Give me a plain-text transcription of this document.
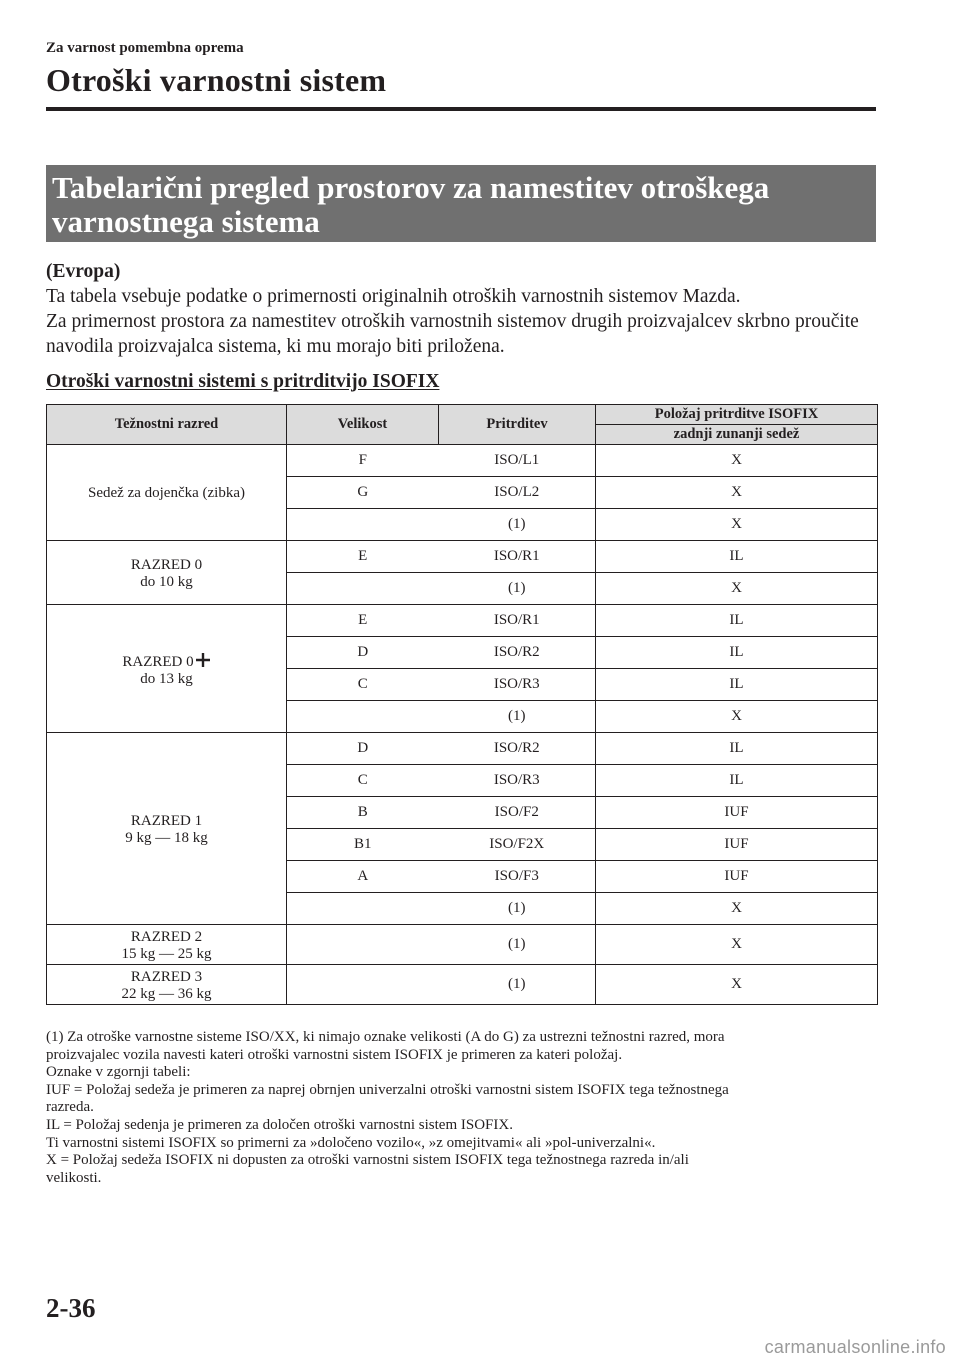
Za varnost pomembna oprema
Otroški varnostni sistem
Tabelarični pregled prostorov za namestitev otroškega
varnostnega sistema
(Evropa)
Ta tabela vsebuje podatke o primernosti originalnih otroških varnostnih sistemov Mazda.
Za primernost prostora za namestitev otroških varnostnih sistemov drugih proizvajalcev skrbno proučite navodila proizvajalca sistema, ki mu morajo biti priložena.
Otroški varnostni sistemi s pritrditvijo ISOFIX
Težnostni razred	Velikost	Pritrditev	Položaj pritrditve ISOFIX
			zadnji zunanji sedež

Sedež za dojenčka (zibka)	F	ISO/L1	X
	G	ISO/L2	X
		(1)	X

RAZRED 0
do 10 kg	E	ISO/R1	IL
		(1)	X

RAZRED 0
do 13 kg	E	ISO/R1	IL
	D	ISO/R2	IL
	C	ISO/R3	IL
		(1)	X

RAZRED 1
9 kg — 18 kg	D	ISO/R2	IL
	C	ISO/R3	IL
	B	ISO/F2	IUF
	B1	ISO/F2X	IUF
	A	ISO/F3	IUF
		(1)	X

RAZRED 2
15 kg — 25 kg		(1)	X

RAZRED 3
22 kg — 36 kg		(1)	X
(1) Za otroške varnostne sisteme ISO/XX, ki nimajo oznake velikosti (A do G) za ustrezni težnostni razred, mora
proizvajalec vozila navesti kateri otroški varnostni sistem ISOFIX je primeren za kateri položaj.
Oznake v zgornji tabeli:
IUF = Položaj sedeža je primeren za naprej obrnjen univerzalni otroški varnostni sistem ISOFIX tega težnostnega
razreda.
IL = Položaj sedenja je primeren za določen otroški varnostni sistem ISOFIX.
Ti varnostni sistemi ISOFIX so primerni za »določeno vozilo«, »z omejitvami« ali »pol-univerzalni«.
X = Položaj sedeža ISOFIX ni dopusten za otroški varnostni sistem ISOFIX tega težnostnega razreda in/ali
velikosti.
2-36
carmanualsonline.info
